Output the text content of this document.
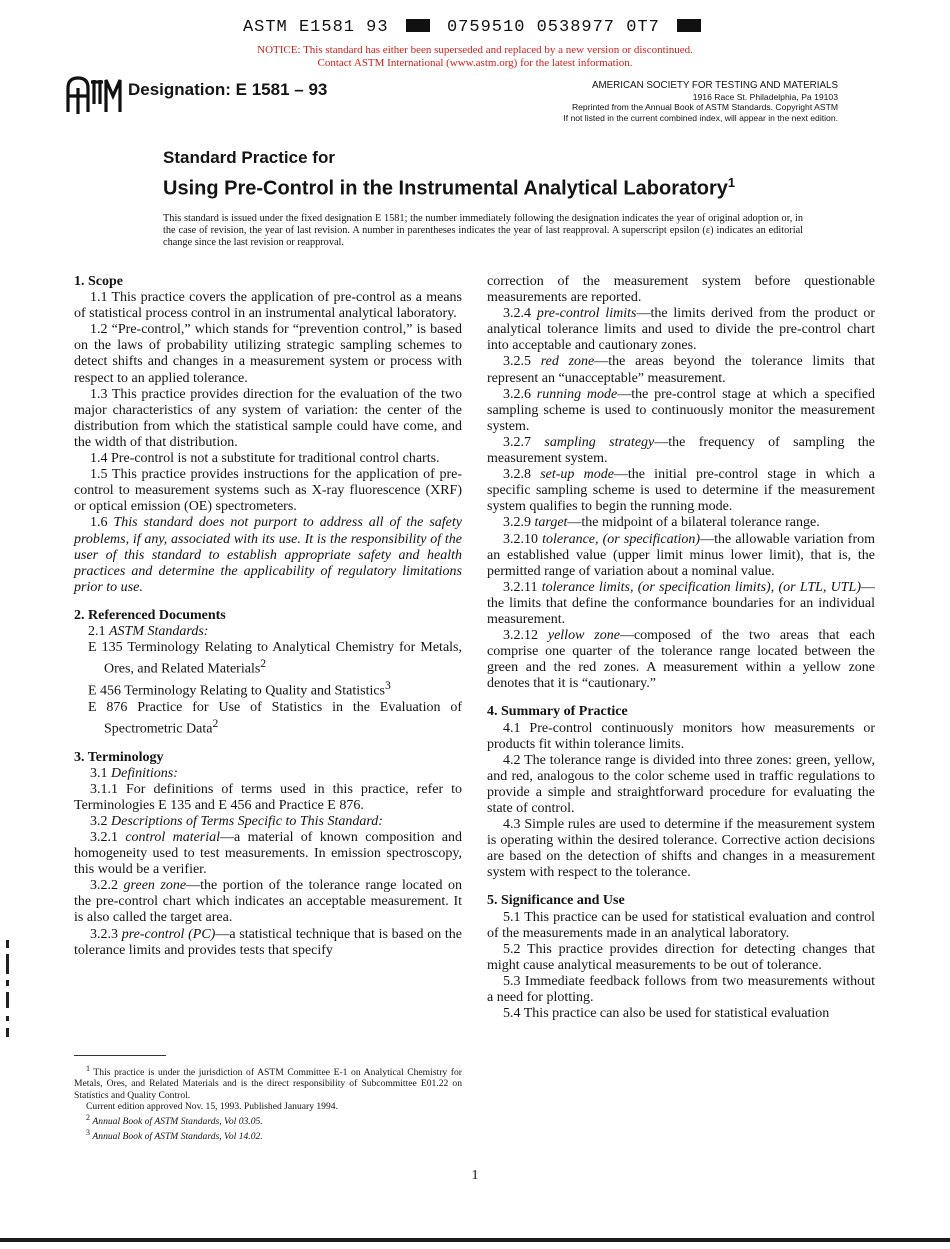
ASTM E1581 93	0759510 0538977 0T7
NOTICE: This standard has either been superseded and replaced by a new version or discontinued.
Contact ASTM International (www.astm.org) for the latest information.
Designation: E 1581 – 93	AMERICAN SOCIETY FOR TESTING AND MATERIALS
1916 Race St. Philadelphia, Pa 19103
Reprinted from the Annual Book of ASTM Standards. Copyright ASTM
If not listed in the current combined index, will appear in the next edition.
Standard Practice for
Using Pre-Control in the Instrumental Analytical Laboratory$^1$
This standard is issued under the fixed designation E 1581; the number immediately following the designation indicates the year of original adoption or, in the case of revision, the year of last revision. A number in parentheses indicates the year of last reapproval. A superscript epsilon (ε) indicates an editorial change since the last revision or reapproval.

1. Scope

1.1 This practice covers the application of pre-control as a means of statistical process control in an instrumental analytical laboratory.

1.2 “Pre-control,” which stands for “prevention control,” is based on the laws of probability utilizing strategic sampling schemes to detect shifts and changes in a measurement system or process with respect to an applied tolerance.

1.3 This practice provides direction for the evaluation of the two major characteristics of any system of variation: the center of the distribution from which the statistical sample could have come, and the width of that distribution.

1.4 Pre-control is not a substitute for traditional control charts.

1.5 This practice provides instructions for the application of pre-control to measurement systems such as X-ray fluorescence (XRF) or optical emission (OE) spectrometers.

1.6 This standard does not purport to address all of the safety problems, if any, associated with its use. It is the responsibility of the user of this standard to establish appropriate safety and health practices and determine the applicability of regulatory limitations prior to use.

2. Referenced Documents

2.1 ASTM Standards:

E 135 Terminology Relating to Analytical Chemistry for Metals, Ores, and Related Materials$^2$

E 456 Terminology Relating to Quality and Statistics$^3$

E 876 Practice for Use of Statistics in the Evaluation of Spectrometric Data$^2$

3. Terminology

3.1 Definitions:

3.1.1 For definitions of terms used in this practice, refer to Terminologies E 135 and E 456 and Practice E 876.

3.2 Descriptions of Terms Specific to This Standard:

3.2.1 control material—a material of known composition and homogeneity used to test measurements. In emission spectroscopy, this would be a verifier.

3.2.2 green zone—the portion of the tolerance range located on the pre-control chart which indicates an acceptable measurement. It is also called the target area.

3.2.3 pre-control (PC)—a statistical technique that is based on the tolerance limits and provides tests that specify

$^1$ This practice is under the jurisdiction of ASTM Committee E-1 on Analytical Chemistry for Metals, Ores, and Related Materials and is the direct responsibility of Subcommittee E01.22 on Statistics and Quality Control.

Current edition approved Nov. 15, 1993. Published January 1994.

$^2$ Annual Book of ASTM Standards, Vol 03.05.

$^3$ Annual Book of ASTM Standards, Vol 14.02.

correction of the measurement system before questionable measurements are reported.

3.2.4 pre-control limits—the limits derived from the product or analytical tolerance limits and used to divide the pre-control chart into acceptable and cautionary zones.

3.2.5 red zone—the areas beyond the tolerance limits that represent an “unacceptable” measurement.

3.2.6 running mode—the pre-control stage at which a specified sampling scheme is used to continuously monitor the measurement system.

3.2.7 sampling strategy—the frequency of sampling the measurement system.

3.2.8 set-up mode—the initial pre-control stage in which a specific sampling scheme is used to determine if the measurement system qualifies to begin the running mode.

3.2.9 target—the midpoint of a bilateral tolerance range.

3.2.10 tolerance, (or specification)—the allowable variation from an established value (upper limit minus lower limit), that is, the permitted range of variation about a nominal value.

3.2.11 tolerance limits, (or specification limits), (or LTL, UTL)—the limits that define the conformance boundaries for an individual measurement.

3.2.12 yellow zone—composed of the two areas that each comprise one quarter of the tolerance range located between the green and the red zones. A measurement within a yellow zone denotes that it is “cautionary.”

4. Summary of Practice

4.1 Pre-control continuously monitors how measurements or products fit within tolerance limits.

4.2 The tolerance range is divided into three zones: green, yellow, and red, analogous to the color scheme used in traffic regulations to provide a simple and straightforward procedure for evaluating the state of control.

4.3 Simple rules are used to determine if the measurement system is operating within the desired tolerance. Corrective action decisions are based on the detection of shifts and changes in a measurement system with respect to the tolerance.

5. Significance and Use

5.1 This practice can be used for statistical evaluation and control of the measurements made in an analytical laboratory.

5.2 This practice provides direction for detecting changes that might cause analytical measurements to be out of tolerance.

5.3 Immediate feedback follows from two measurements without a need for plotting.

5.4 This practice can also be used for statistical evaluation

1
